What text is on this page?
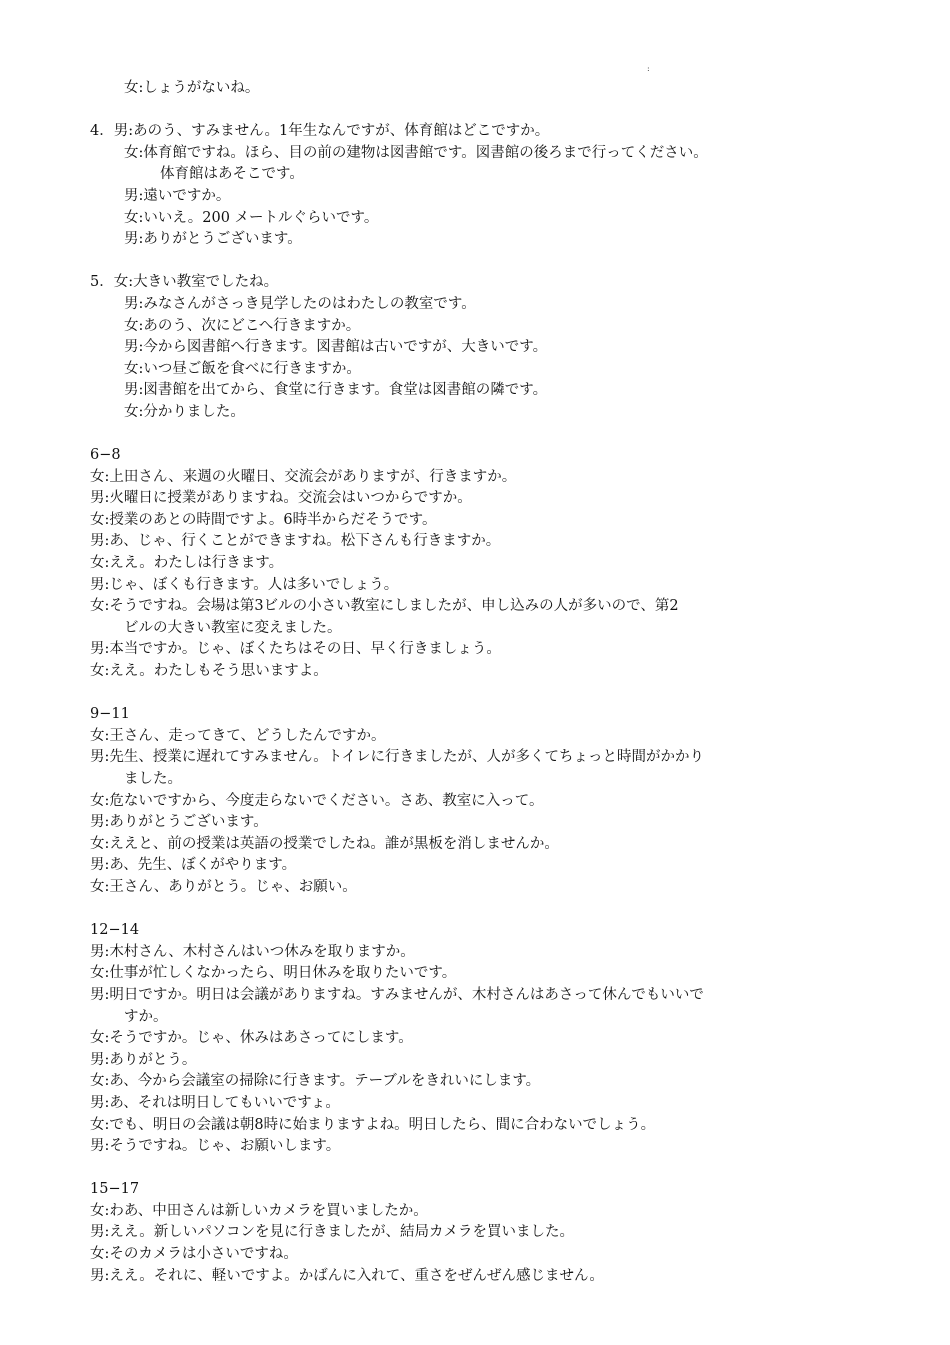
:
女:しょうがないね。
4．男:あのう、すみません。1年生なんですが、体育館はどこですか。
女:体育館ですね。ほら、目の前の建物は図書館です。図書館の後ろまで行ってください。
体育館はあそこです。
男:遠いですか。
女:いいえ。200 メートルぐらいです。
男:ありがとうございます。
5．女:大きい教室でしたね。
男:みなさんがさっき見学したのはわたしの教室です。
女:あのう、次にどこへ行きますか。
男:今から図書館へ行きます。図書館は古いですが、大きいです。
女:いつ昼ご飯を食べに行きますか。
男:図書館を出てから、食堂に行きます。食堂は図書館の隣です。
女:分かりました。
6−8
女:上田さん、来週の火曜日、交流会がありますが、行きますか。
男:火曜日に授業がありますね。交流会はいつからですか。
女:授業のあとの時間ですよ。6時半からだそうです。
男:あ、じゃ、行くことができますね。松下さんも行きますか。
女:ええ。わたしは行きます。
男:じゃ、ぼくも行きます。人は多いでしょう。
女:そうですね。会場は第3ビルの小さい教室にしましたが、申し込みの人が多いので、第2
ビルの大きい教室に変えました。
男:本当ですか。じゃ、ぼくたちはその日、早く行きましょう。
女:ええ。わたしもそう思いますよ。
9−11
女:王さん、走ってきて、どうしたんですか。
男:先生、授業に遅れてすみません。トイレに行きましたが、人が多くてちょっと時間がかかり
ました。
女:危ないですから、今度走らないでください。さあ、教室に入って。
男:ありがとうございます。
女:ええと、前の授業は英語の授業でしたね。誰が黒板を消しませんか。
男:あ、先生、ぼくがやります。
女:王さん、ありがとう。じゃ、お願い。
12−14
男:木村さん、木村さんはいつ休みを取りますか。
女:仕事が忙しくなかったら、明日休みを取りたいです。
男:明日ですか。明日は会議がありますね。すみませんが、木村さんはあさって休んでもいいで
すか。
女:そうですか。じゃ、休みはあさってにします。
男:ありがとう。
女:あ、今から会議室の掃除に行きます。テーブルをきれいにします。
男:あ、それは明日してもいいですょ。
女:でも、明日の会議は朝8時に始まりますよね。明日したら、間に合わないでしょう。
男:そうですね。じゃ、お願いします。
15−17
女:わあ、中田さんは新しいカメラを買いましたか。
男:ええ。新しいパソコンを見に行きましたが、結局カメラを買いました。
女:そのカメラは小さいですね。
男:ええ。それに、軽いですよ。かばんに入れて、重さをぜんぜん感じません。
